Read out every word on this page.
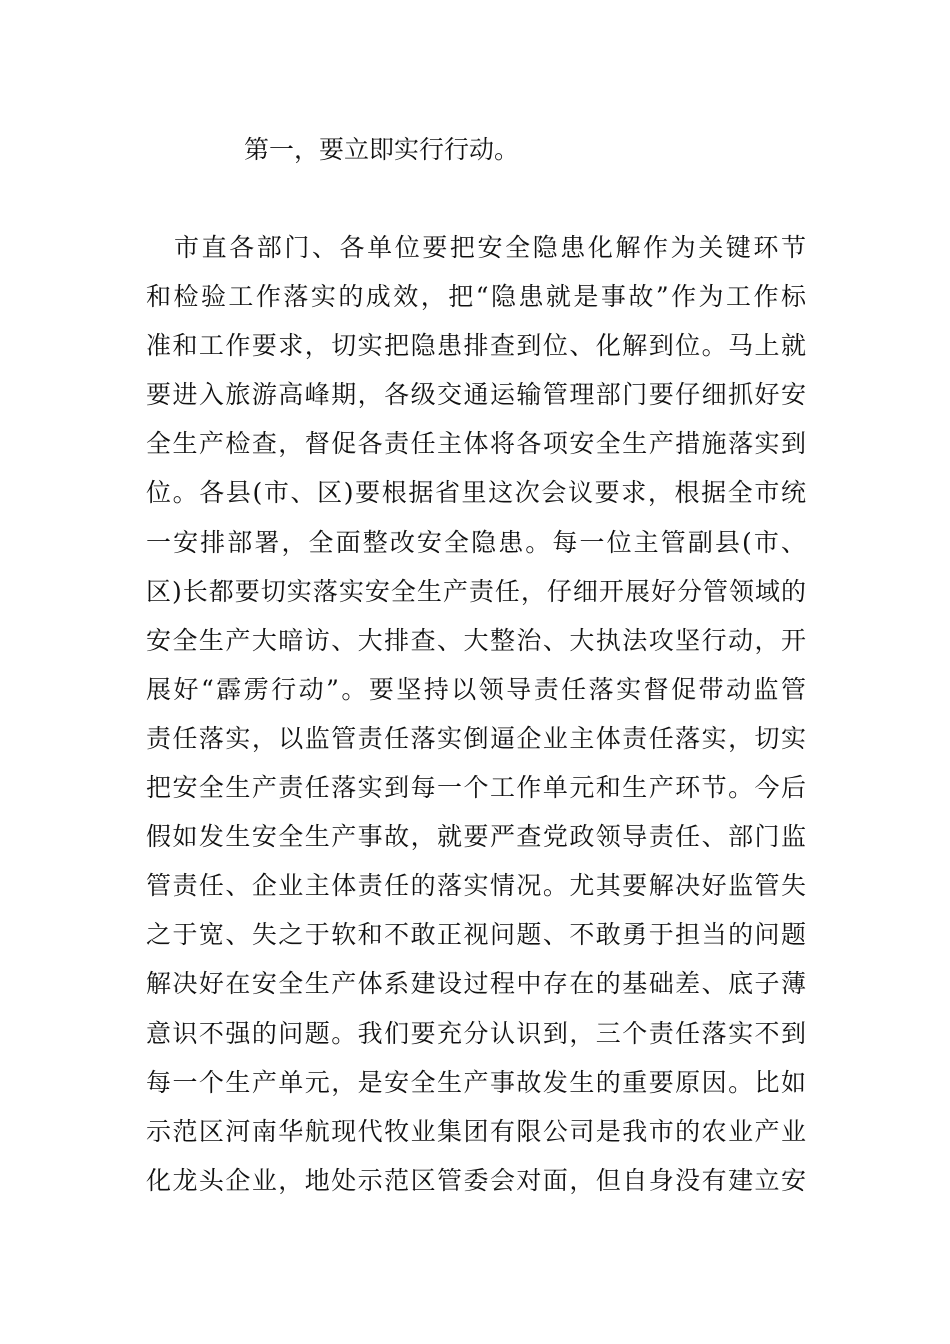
第一，要立即实行行动。
市直各部门、各单位要把安全隐患化解作为关键环节
和检验工作落实的成效，把“隐患就是事故”作为工作标
准和工作要求，切实把隐患排查到位、化解到位。马上就
要进入旅游高峰期，各级交通运输管理部门要仔细抓好安
全生产检查，督促各责任主体将各项安全生产措施落实到
位。各县(市、区)要根据省里这次会议要求，根据全市统
一安排部署，全面整改安全隐患。每一位主管副县(市、
区)长都要切实落实安全生产责任，仔细开展好分管领域的
安全生产大暗访、大排查、大整治、大执法攻坚行动，开
展好“霹雳行动”。要坚持以领导责任落实督促带动监管
责任落实，以监管责任落实倒逼企业主体责任落实，切实
把安全生产责任落实到每一个工作单元和生产环节。今后
假如发生安全生产事故，就要严查党政领导责任、部门监
管责任、企业主体责任的落实情况。尤其要解决好监管失
之于宽、失之于软和不敢正视问题、不敢勇于担当的问题
解决好在安全生产体系建设过程中存在的基础差、底子薄
意识不强的问题。我们要充分认识到，三个责任落实不到
每一个生产单元，是安全生产事故发生的重要原因。比如
示范区河南华航现代牧业集团有限公司是我市的农业产业
化龙头企业，地处示范区管委会对面，但自身没有建立安
